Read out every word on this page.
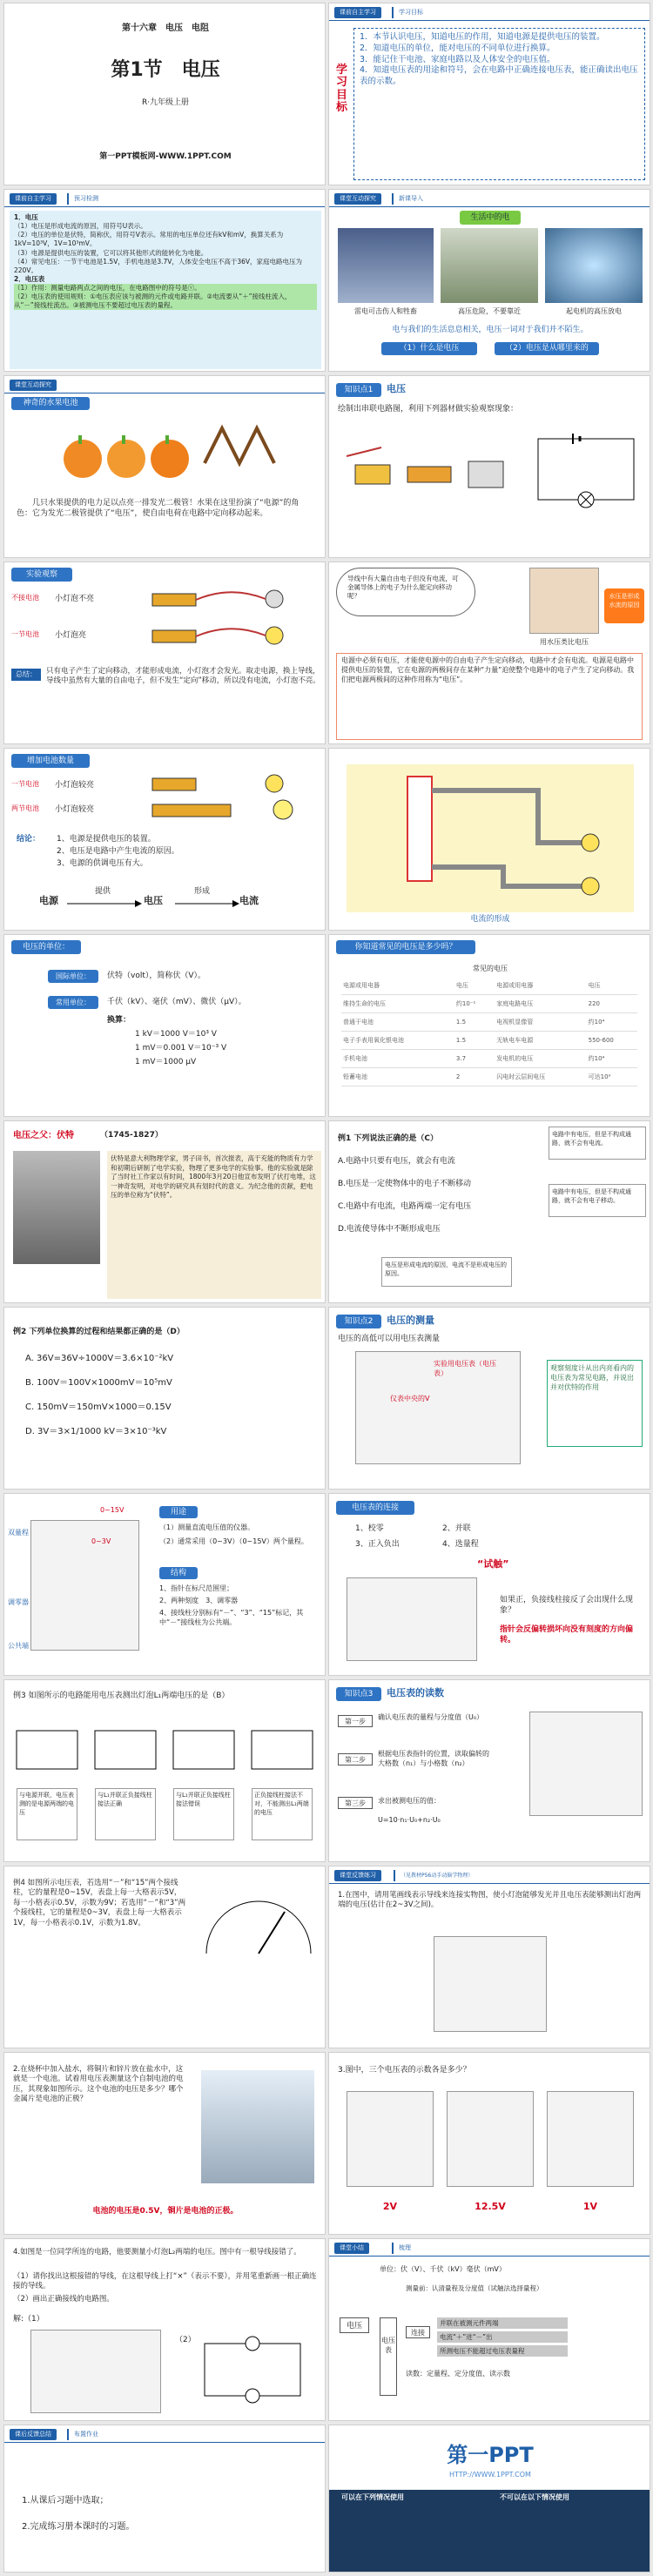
第十六章　电压　电阻
第1节　电压
R·九年级上册
第一PPT模板网-WWW.1PPT.COM
课前自主学习	学习目标
学习目标
1．本节认识电压，知道电压的作用，知道电源是提供电压的装置。
2．知道电压的单位，能对电压的不同单位进行换算。
3．能记住干电池、家庭电路以及人体安全的电压值。
4．知道电压表的用途和符号，会在电路中正确连接电压表，能正确读出电压表的示数。
课前自主学习	预习检测
1．电压
（1）电压是形成电流的原因，用符号U表示。
（2）电压的单位是伏特，简称伏，用符号V表示。常用的电压单位还有kV和mV，换算关系为1kV=10³V，1V=10³mV。
（3）电源是提供电压的装置，它可以将其他形式的能转化为电能。
（4）常见电压：一节干电池是1.5V，手机电池是3.7V，人体安全电压不高于36V，家庭电路电压为220V。
2．电压表
（1）作用：测量电路两点之间的电压，在电路图中的符号是ⓥ。
（2）电压表的使用规则：①电压表应该与被测的元件或电路并联。②电流要从“＋”接线柱流入，从“－”接线柱流出。③被测电压不要超过电压表的量程。
课堂互动探究	新课导入
生活中的电
雷电可击伤人和牲畜	高压危险，不要靠近	起电机的高压放电
电与我们的生活息息相关，电压一词对于我们并不陌生。
（1）什么是电压	（2）电压是从哪里来的
课堂互动探究
神奇的水果电池
几只水果提供的电力足以点亮一排发光二极管！水果在这里扮演了“电源”的角色：它为发光二极管提供了“电压”，使自由电荷在电路中定向移动起来。
知识点1	电压
绘制出串联电路图，利用下列器材做实验观察现象：
实验观察
不接电池 小灯泡不亮
一节电池 小灯泡亮
总结：	只有电子产生了定向移动，才能形成电流，小灯泡才会发光。取走电源，换上导线，导线中虽然有大量的自由电子，但不发生“定向”移动，所以没有电流，小灯泡不亮。
导线中有大量自由电子但没有电流，可金属导体上的电子为什么能定向移动呢？	水压是形成水流的原因
用水压类比电压
电源中必须有电压，才能使电源中的自由电子产生定向移动，电路中才会有电流。电源是电路中提供电压的装置，它在电源的两极间存在某种“力量”迫使整个电路中的电子产生了定向移动。我们把电源两极间的这种作用称为“电压”。
增加电池数量
一节电池 小灯泡较亮
两节电池 小灯泡较亮
结论： 1、电源是提供电压的装置。
2、电压是电路中产生电流的原因。
3、电源的供调电压有大。
电源
提供
电压
形成
电流
电流的形成
电压的单位：
国际单位：	伏特（volt），简称伏（V）。
常用单位：	千伏（kV）、毫伏（mV）、微伏（μV）。
换算：
1 kV＝1000 V＝10³ V
1 mV＝0.001 V＝10⁻³ V
1 mV＝1000 μV
你知道常见的电压是多少吗？
常见的电压
电源或用电器	电压	电源或用电器	电压
维持生命的电压	约10⁻¹	家庭电路电压	220
普通干电池	1.5	电视机显像管	约10⁴
电子手表用氧化银电池	1.5	无轨电车电源	550-600
手机电池	3.7	发电机的电压	约10⁴
铅蓄电池	2	闪电时云层间电压	可达10⁹
电压之父：伏特	（1745-1827）
伏特是意大利物理学家，男子田书，首次报表，高于充能的物质有力学和初期后研制了电学实验，物理了更多电学的实验事。他的实验就是除了当时社工作家以有时间，1800年3月20日他宣布发明了伏打电堆，这一神奇发明，对电学的研究具有划时代的意义。为纪念他的贡献，把电压的单位称为“伏特”。
例1 下列说法正确的是（C）
A.电路中只要有电压，就会有电流
B.电压是一定使物体中的电子不断移动
C.电路中有电流，电路两端一定有电压
D.电流使导体中不断形成电压
电路中有电压，但是不构成通路，就不会有电流。
电路中有电压，但是不构成通路，就不会有电子移动。
电压是形成电流的原因，电流不是形成电压的原因。
例2 下列单位换算的过程和结果都正确的是（D）
A. 36V=36V÷1000V＝3.6×10⁻²kV
B. 100V＝100V×1000mV＝10⁵mV
C. 150mV＝150mV×1000＝0.15V
D. 3V＝3×1/1000 kV＝3×10⁻³kV
知识点2	电压的测量
电压的高低可以用电压表测量
实验用电压表（电压表）
仪表中央的V
观察刻度计从出内亮看内的电压表为常见电路，并说出并对伏特的作用
0~15V
0~3V
双量程
调零器
公共端
用途
（1）测量直流电压值的仪器。
（2）通常采用（0~3V）（0~15V）两个量程。
结构
1、指针在标尺范围里；
2、两种刻度　3、调零器
4、接线柱分别标有“－”、“3”、“15”标记，其中“－”接线柱为公共端。
电压表的连接
1、校零	2、并联
3、正入负出	4、选量程
“试触”
如果正，负接线柱接反了会出现什么现象？
指针会反偏转损坏向没有刻度的方向偏转。
例3 如图所示的电路能用电压表测出灯泡L₁两端电压的是（B）
与电源并联，电压表测的是电源两端的电压
与L₁并联正负接线柱接法正确
与L₁并联正负接线柱接法错误
正负接线柱接法不对，不能测出L₁两端的电压
知识点3	电压表的读数
第一步
确认电压表的量程与分度值（U₀）
第二步
根据电压表指针的位置，读取偏转的大格数（n₁）与小格数（n₂）
第三步	求出被测电压的值：
U=10·n₁·U₀+n₂·U₀
例4 如图所示电压表，若选用“－”和“15”两个接线柱，它的量程是0~15V，表盘上每一大格表示5V，每一小格表示0.5V，示数为9V；若选用“－”和“3”两个接线柱，它的量程是0~3V，表盘上每一大格表示1V，每一小格表示0.1V，示数为1.8V。
课堂反馈练习	（见教材P56动手动脑学物理）
1.在图中，请用笔画线表示导线来连接实物图，使小灯泡能够发光并且电压表能够测出灯泡两端的电压(估计在2~3V之间)。
2.在烧杯中加入盐水，将铜片和锌片放在盐水中，这就是一个电池。试着用电压表测量这个自制电池的电压，其现象如图所示。这个电池的电压是多少？哪个金属片是电池的正极？
电池的电压是0.5V，铜片是电池的正极。
3.图中，三个电压表的示数各是多少？
2V	12.5V	1V
4.如图是一位同学所连的电路，他要测量小灯泡L₂两端的电压。图中有一根导线接错了。
（1）请你找出这根接错的导线，在这根导线上打“×”（表示不要），并用笔重新画一根正确连接的导线。
（2）画出正确接线的电路图。
解:（1）
（2）
课堂小结	梳理
电压
单位：伏（V）、千伏（kV）毫伏（mV）
电压表
测量前：认清量程及分度值（试触法选择量程）
连接
并联在被测元件两端
电流“＋”进“－”出
所测电压不能超过电压表量程
读数：定量程、定分度值、读示数
课后反馈总结	布置作业
1.从课后习题中选取；
2.完成练习册本课时的习题。
第一PPT
HTTP://WWW.1PPT.COM
可以在下列情况使用	不可以在以下情况使用
